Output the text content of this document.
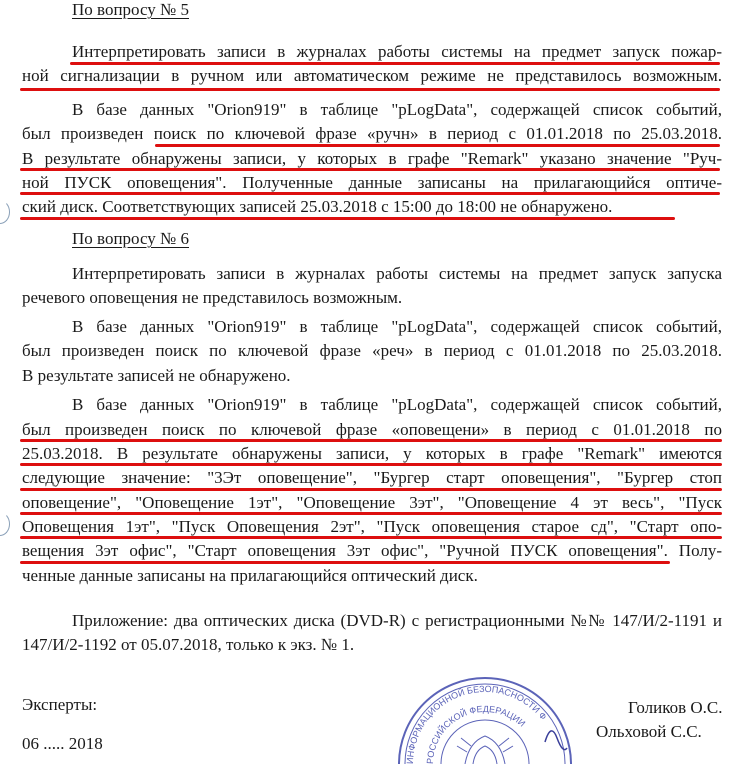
По вопросу № 5

Интерпретировать записи в журналах работы системы на предмет запуск пожар-

ной сигнализации в ручном или автоматическом режиме не представилось возможным.

В базе данных "Orion919" в таблице "pLogData", содержащей список событий,

был произведен поиск по ключевой фразе «ручн» в период с 01.01.2018 по 25.03.2018.

В результате обнаружены записи, у которых в графе "Remark" указано значение "Руч-

ной ПУСК оповещения". Полученные данные записаны на прилагающийся оптиче-

ский диск. Соответствующих записей 25.03.2018 с 15:00 до 18:00 не обнаружено.

По вопросу № 6

Интерпретировать записи в журналах работы системы на предмет запуск запуска

речевого оповещения не представилось возможным.

В базе данных "Orion919" в таблице "pLogData", содержащей список событий,

был произведен поиск по ключевой фразе «реч» в период с 01.01.2018 по 25.03.2018.

В результате записей не обнаружено.

В базе данных "Orion919" в таблице "pLogData", содержащей список событий,

был произведен поиск по ключевой фразе «оповещени» в период с 01.01.2018 по

25.03.2018. В результате обнаружены записи, у которых в графе "Remark" имеются

следующие значение: "3Эт оповещение", "Бургер старт оповещения", "Бургер стоп

оповещение", "Оповещение 1эт", "Оповещение 3эт", "Оповещение 4 эт весь", "Пуск

Оповещения 1эт", "Пуск Оповещения 2эт", "Пуск оповещения старое сд", "Старт опо-

вещения 3эт офис", "Старт оповещения 3эт офис", "Ручной ПУСК оповещения". Полу-

ченные данные записаны на прилагающийся оптический диск.

Приложение: два оптических диска (DVD-R) с регистрационными №№ 147/И/2-1191 и

147/И/2-1192 от 05.07.2018, только к экз. № 1.

Эксперты:

06 ..... 2018

ИНФОРМАЦИОННОЙ БЕЗОПАСНОСТИ Ф
РОССИЙСКОЙ ФЕДЕРАЦИИ

Голиков О.С.

Ольховой С.С.
